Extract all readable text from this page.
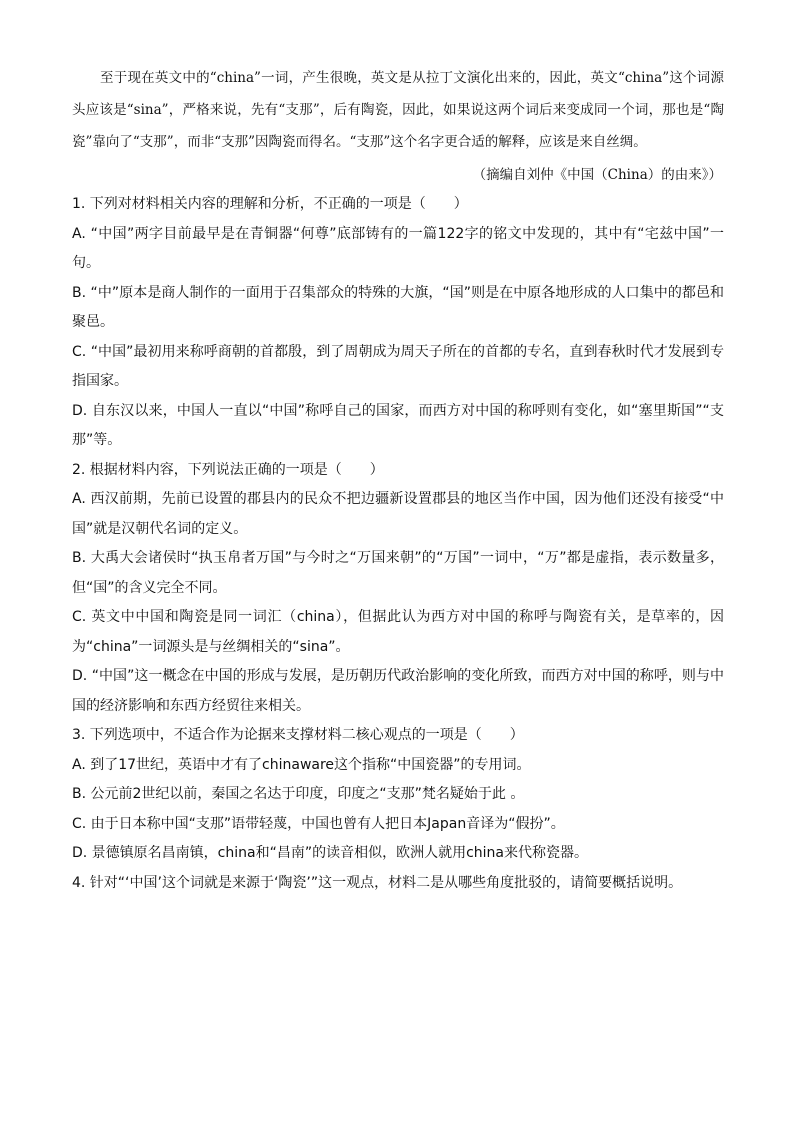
至于现在英文中的“china”一词，产生很晚，英文是从拉丁文演化出来的，因此，英文“china”这个词源头应该是“sina”，严格来说，先有“支那”，后有陶瓷，因此，如果说这两个词后来变成同一个词，那也是“陶瓷”靠向了“支那”，而非“支那”因陶瓷而得名。“支那”这个名字更合适的解释，应该是来自丝绸。

（摘编自刘仲《中国（China）的由来》）

1. 下列对材料相关内容的理解和分析，不正确的一项是（　　）

A. “中国”两字目前最早是在青铜器“何尊”底部铸有的一篇122字的铭文中发现的，其中有“宅兹中国”一句。

B. “中”原本是商人制作的一面用于召集部众的特殊的大旗，“国”则是在中原各地形成的人口集中的都邑和聚邑。

C. “中国”最初用来称呼商朝的首都殷，到了周朝成为周天子所在的首都的专名，直到春秋时代才发展到专指国家。

D. 自东汉以来，中国人一直以“中国”称呼自己的国家，而西方对中国的称呼则有变化，如“塞里斯国”“支那”等。

2. 根据材料内容，下列说法正确的一项是（　　）

A. 西汉前期，先前已设置的郡县内的民众不把边疆新设置郡县的地区当作中国，因为他们还没有接受“中国”就是汉朝代名词的定义。

B. 大禹大会诸侯时“执玉帛者万国”与今时之“万国来朝”的“万国”一词中，“万”都是虚指，表示数量多，但“国”的含义完全不同。

C. 英文中中国和陶瓷是同一词汇（china），但据此认为西方对中国的称呼与陶瓷有关，是草率的，因为“china”一词源头是与丝绸相关的“sina”。

D. “中国”这一概念在中国的形成与发展，是历朝历代政治影响的变化所致，而西方对中国的称呼，则与中国的经济影响和东西方经贸往来相关。

3. 下列选项中，不适合作为论据来支撑材料二核心观点的一项是（　　）

A. 到了17世纪，英语中才有了chinaware这个指称“中国瓷器”的专用词。

B. 公元前2世纪以前，秦国之名达于印度，印度之“支那”梵名疑始于此 。

C. 由于日本称中国“支那”语带轻蔑，中国也曾有人把日本Japan音译为“假扮”。

D. 景德镇原名昌南镇，china和“昌南”的读音相似，欧洲人就用china来代称瓷器。

4. 针对“‘中国’这个词就是来源于‘陶瓷’”这一观点，材料二是从哪些角度批驳的，请简要概括说明。
